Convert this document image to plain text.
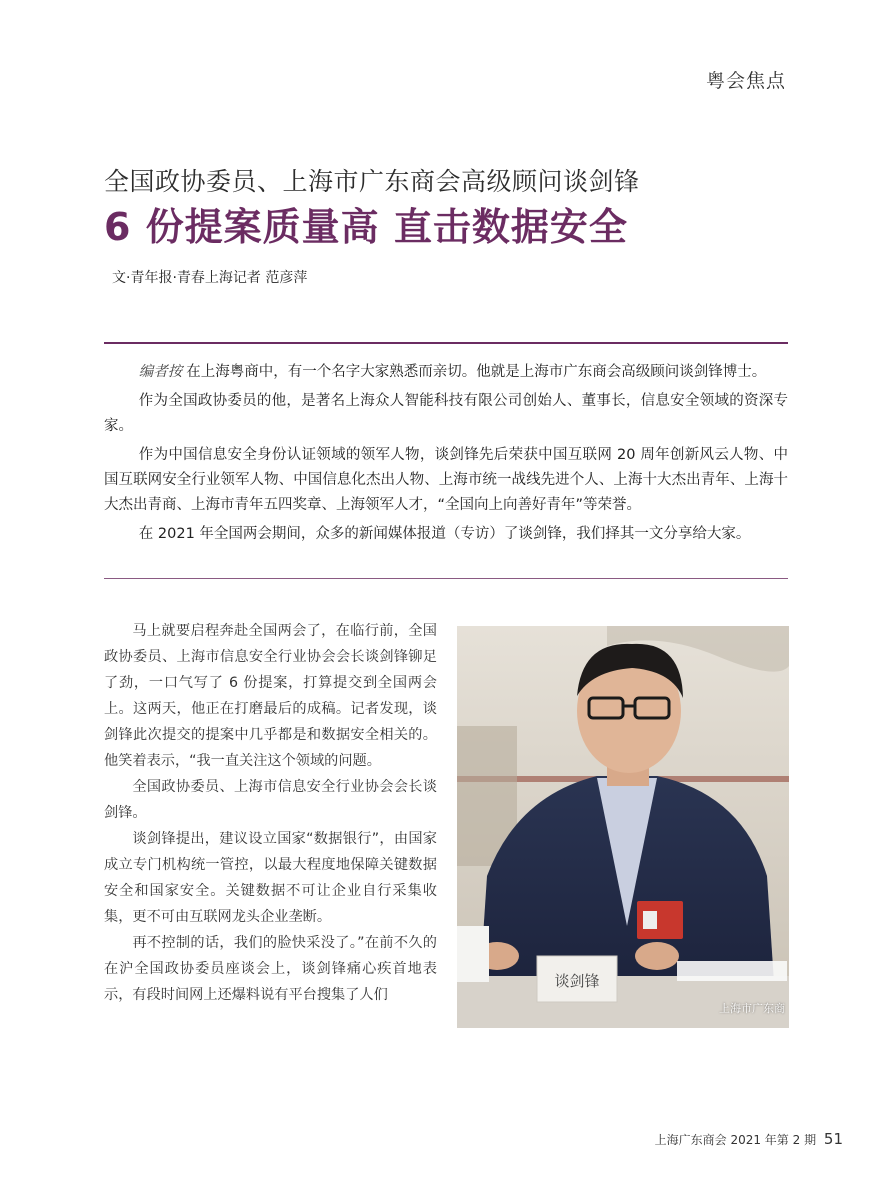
粤会焦点
全国政协委员、上海市广东商会高级顾问谈剑锋
6 份提案质量高 直击数据安全
文·青年报·青春上海记者 范彦萍

编者按 在上海粤商中，有一个名字大家熟悉而亲切。他就是上海市广东商会高级顾问谈剑锋博士。

作为全国政协委员的他，是著名上海众人智能科技有限公司创始人、董事长，信息安全领域的资深专家。

作为中国信息安全身份认证领域的领军人物，谈剑锋先后荣获中国互联网 20 周年创新风云人物、中国互联网安全行业领军人物、中国信息化杰出人物、上海市统一战线先进个人、上海十大杰出青年、上海十大杰出青商、上海市青年五四奖章、上海领军人才，“全国向上向善好青年”等荣誉。

在 2021 年全国两会期间，众多的新闻媒体报道（专访）了谈剑锋，我们择其一文分享给大家。

马上就要启程奔赴全国两会了，在临行前，全国政协委员、上海市信息安全行业协会会长谈剑锋铆足了劲，一口气写了 6 份提案，打算提交到全国两会上。这两天，他正在打磨最后的成稿。记者发现，谈剑锋此次提交的提案中几乎都是和数据安全相关的。他笑着表示，“我一直关注这个领域的问题。

全国政协委员、上海市信息安全行业协会会长谈剑锋。

谈剑锋提出，建议设立国家“数据银行”，由国家成立专门机构统一管控，以最大程度地保障关键数据安全和国家安全。关键数据不可让企业自行采集收集，更不可由互联网龙头企业垄断。

再不控制的话，我们的脸快采没了。”在前不久的在沪全国政协委员座谈会上，谈剑锋痛心疾首地表示，有段时间网上还爆料说有平台搜集了人们

谈剑锋
上海市广东商
上海广东商会 2021 年第 2 期 51
